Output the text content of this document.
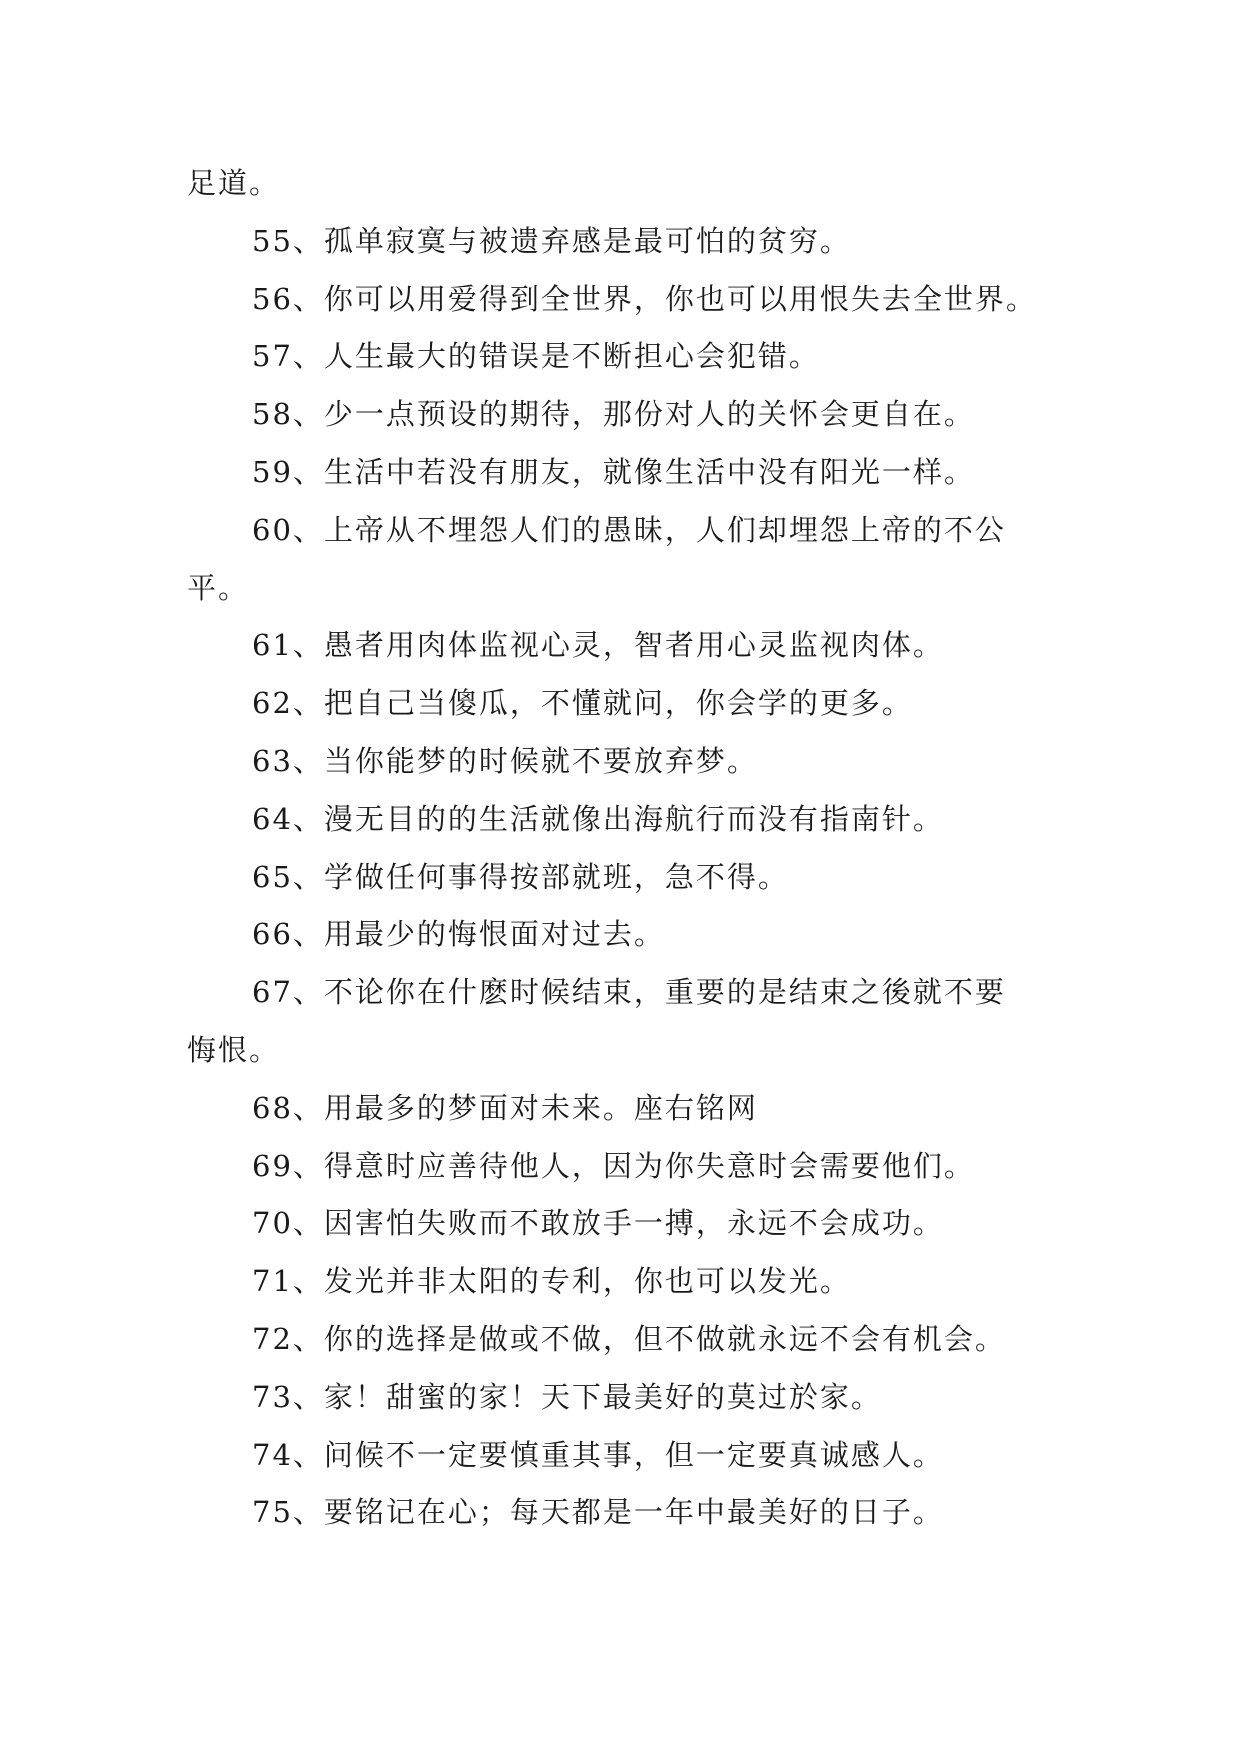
足道。
55、孤单寂寞与被遗弃感是最可怕的贫穷。
56、你可以用爱得到全世界，你也可以用恨失去全世界。
57、人生最大的错误是不断担心会犯错。
58、少一点预设的期待，那份对人的关怀会更自在。
59、生活中若没有朋友，就像生活中没有阳光一样。
60、上帝从不埋怨人们的愚昧，人们却埋怨上帝的不公
平。
61、愚者用肉体监视心灵，智者用心灵监视肉体。
62、把自己当傻瓜，不懂就问，你会学的更多。
63、当你能梦的时候就不要放弃梦。
64、漫无目的的生活就像出海航行而没有指南针。
65、学做任何事得按部就班，急不得。
66、用最少的悔恨面对过去。
67、不论你在什麽时候结束，重要的是结束之後就不要
悔恨。
68、用最多的梦面对未来。座右铭网
69、得意时应善待他人，因为你失意时会需要他们。
70、因害怕失败而不敢放手一搏，永远不会成功。
71、发光并非太阳的专利，你也可以发光。
72、你的选择是做或不做，但不做就永远不会有机会。
73、家！甜蜜的家！天下最美好的莫过於家。
74、问候不一定要慎重其事，但一定要真诚感人。
75、要铭记在心；每天都是一年中最美好的日子。
